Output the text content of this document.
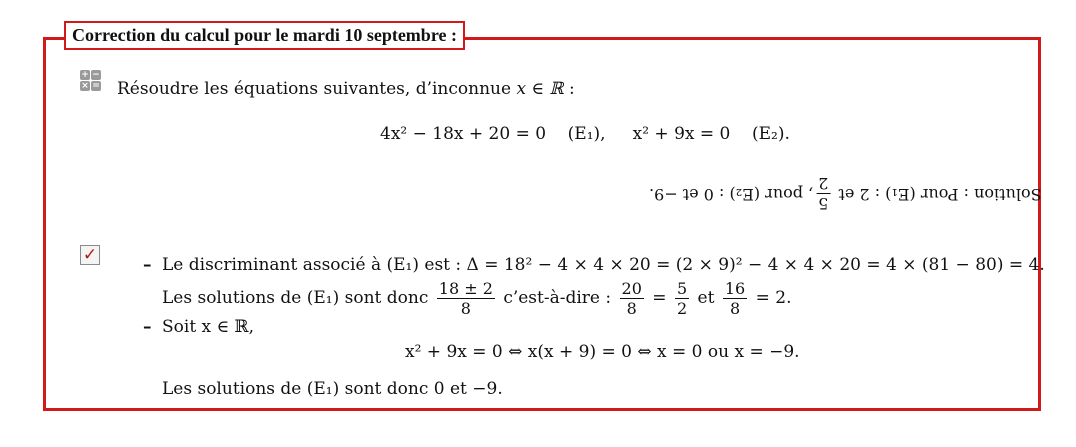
Correction du calcul pour le mardi 10 septembre :
+ −
× = Résoudre les équations suivantes, d’inconnue x ∈ ℝ :
4x² − 18x + 20 = 0 (E₁), x² + 9x = 0 (E₂).
Solution : Pour (E₁) : 2 et
5
2
, pour (E₂) : 0 et −9.
✓	– Le discriminant associé à (E₁) est : Δ = 18² − 4 × 4 × 20 = (2 × 9)² − 4 × 4 × 20 = 4 × (81 − 80) = 4.
Les solutions de (E₁) sont donc $\frac{18 \pm 2}{8}$ c’est-à-dire : $\frac{20}{8} = \frac{5}{2}$ et $\frac{16}{8} = 2$.
– Soit x ∈ ℝ,
x² + 9x = 0 ⇔ x(x + 9) = 0 ⇔ x = 0 ou x = −9.
Les solutions de (E₁) sont donc 0 et −9.
